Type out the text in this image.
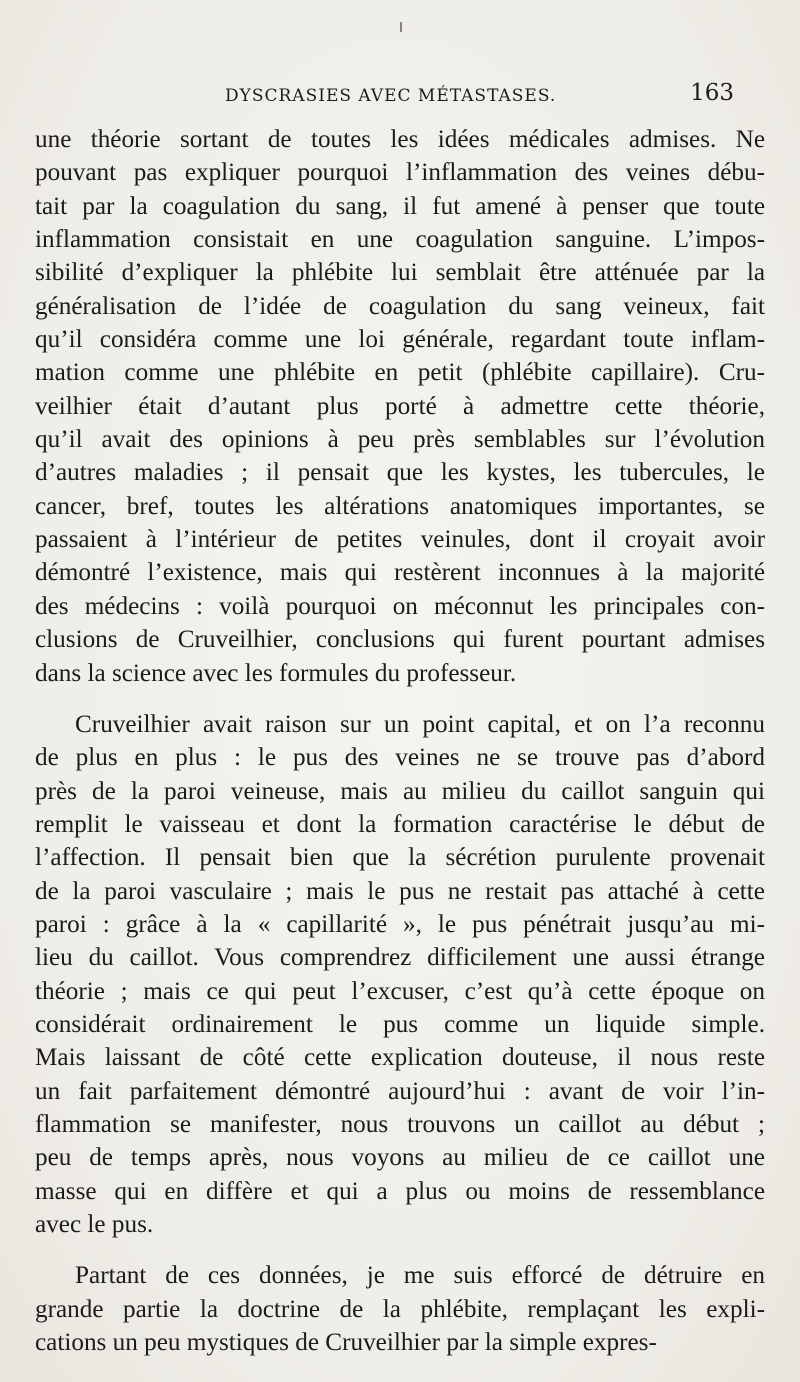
DYSCRASIES AVEC MÉTASTASES.	163
une théorie sortant de toutes les idées médicales admises. Ne
pouvant pas expliquer pourquoi l’inflammation des veines débu-
tait par la coagulation du sang, il fut amené à penser que toute
inflammation consistait en une coagulation sanguine. L’impos-
sibilité d’expliquer la phlébite lui semblait être atténuée par la
généralisation de l’idée de coagulation du sang veineux, fait
qu’il considéra comme une loi générale, regardant toute inflam-
mation comme une phlébite en petit (phlébite capillaire). Cru-
veilhier était d’autant plus porté à admettre cette théorie,
qu’il avait des opinions à peu près semblables sur l’évolution
d’autres maladies ; il pensait que les kystes, les tubercules, le
cancer, bref, toutes les altérations anatomiques importantes, se
passaient à l’intérieur de petites veinules, dont il croyait avoir
démontré l’existence, mais qui restèrent inconnues à la majorité
des médecins : voilà pourquoi on méconnut les principales con-
clusions de Cruveilhier, conclusions qui furent pourtant admises
dans la science avec les formules du professeur.
Cruveilhier avait raison sur un point capital, et on l’a reconnu
de plus en plus : le pus des veines ne se trouve pas d’abord
près de la paroi veineuse, mais au milieu du caillot sanguin qui
remplit le vaisseau et dont la formation caractérise le début de
l’affection. Il pensait bien que la sécrétion purulente provenait
de la paroi vasculaire ; mais le pus ne restait pas attaché à cette
paroi : grâce à la « capillarité », le pus pénétrait jusqu’au mi-
lieu du caillot. Vous comprendrez difficilement une aussi étrange
théorie ; mais ce qui peut l’excuser, c’est qu’à cette époque on
considérait ordinairement le pus comme un liquide simple.
Mais laissant de côté cette explication douteuse, il nous reste
un fait parfaitement démontré aujourd’hui : avant de voir l’in-
flammation se manifester, nous trouvons un caillot au début ;
peu de temps après, nous voyons au milieu de ce caillot une
masse qui en diffère et qui a plus ou moins de ressemblance
avec le pus.
Partant de ces données, je me suis efforcé de détruire en
grande partie la doctrine de la phlébite, remplaçant les expli-
cations un peu mystiques de Cruveilhier par la simple expres-
